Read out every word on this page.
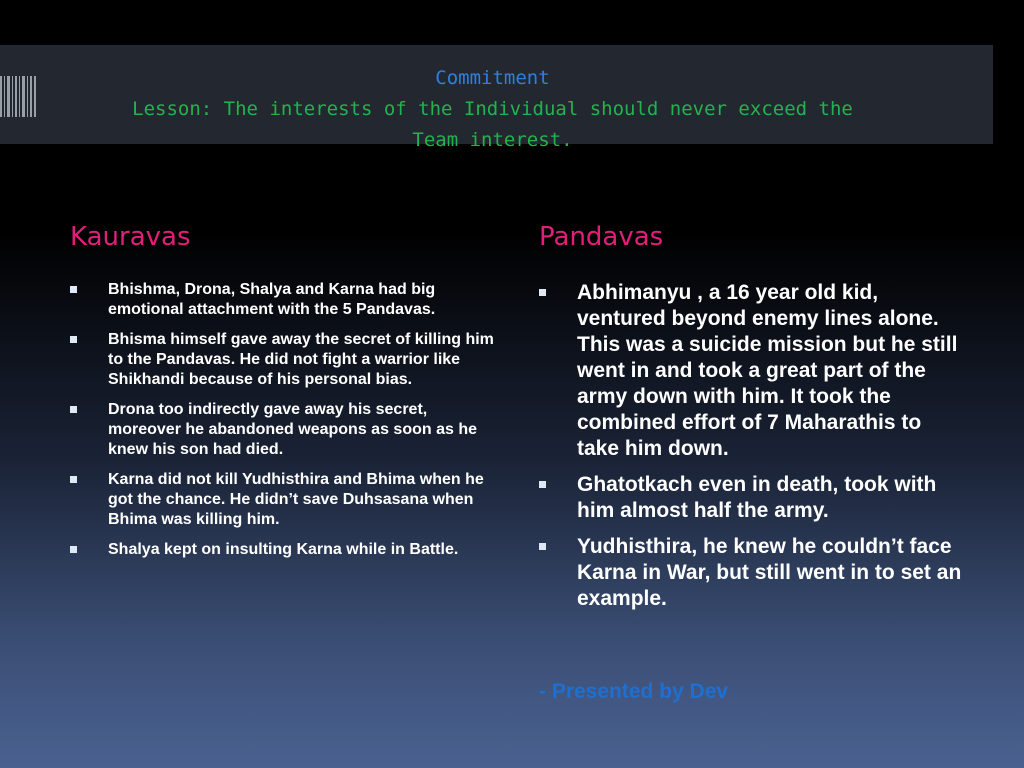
Commitment
Lesson: The interests of the Individual should never exceed the
Team interest.
Kauravas	Pandavas
Bhishma, Drona, Shalya and Karna had big emotional attachment with the 5 Pandavas.
Bhisma himself gave away the secret of killing him to the Pandavas. He did not fight a warrior like Shikhandi because of his personal bias.
Drona too indirectly gave away his secret, moreover he abandoned weapons as soon as he knew his son had died.
Karna did not kill Yudhisthira and Bhima when he got the chance. He didn’t save Duhsasana when Bhima was killing him.
Shalya kept on insulting Karna while in Battle.
Abhimanyu , a 16 year old kid, ventured beyond enemy lines alone. This was a suicide mission but he still went in and took a great part of the army down with him. It took the combined effort of 7 Maharathis to take him down.
Ghatotkach even in death, took with him almost half the army.
Yudhisthira, he knew he couldn’t face Karna in War, but still went in to set an example.
- Presented by Dev
